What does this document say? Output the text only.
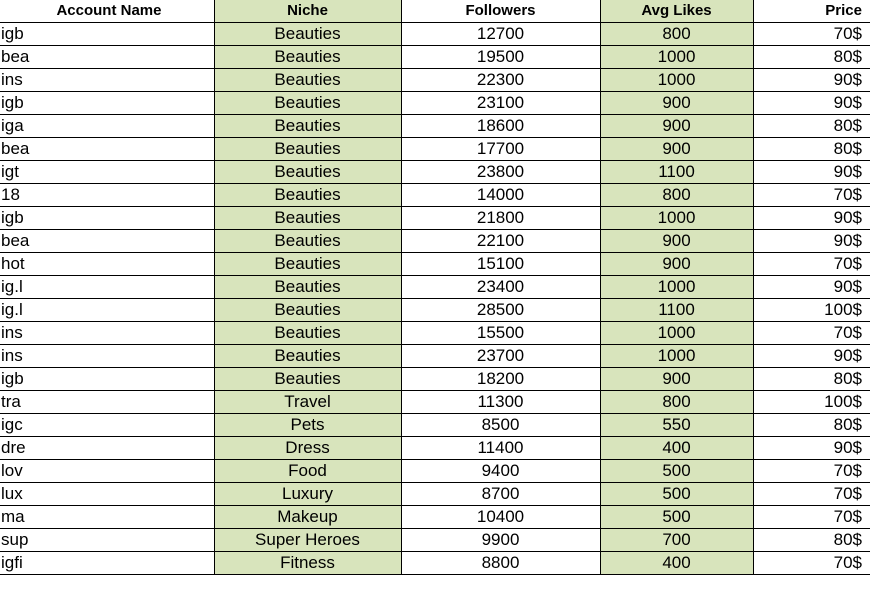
Account Name	Niche	Followers	Avg Likes	Price
igb	Beauties	12700	800	70$
bea	Beauties	19500	1000	80$
ins	Beauties	22300	1000	90$
igb	Beauties	23100	900	90$
iga	Beauties	18600	900	80$
bea	Beauties	17700	900	80$
igt	Beauties	23800	1100	90$
18	Beauties	14000	800	70$
igb	Beauties	21800	1000	90$
bea	Beauties	22100	900	90$
hot	Beauties	15100	900	70$
ig.l	Beauties	23400	1000	90$
ig.l	Beauties	28500	1100	100$
ins	Beauties	15500	1000	70$
ins	Beauties	23700	1000	90$
igb	Beauties	18200	900	80$
tra	Travel	11300	800	100$
igc	Pets	8500	550	80$
dre	Dress	11400	400	90$
lov	Food	9400	500	70$
lux	Luxury	8700	500	70$
ma	Makeup	10400	500	70$
sup	Super Heroes	9900	700	80$
igfi	Fitness	8800	400	70$
